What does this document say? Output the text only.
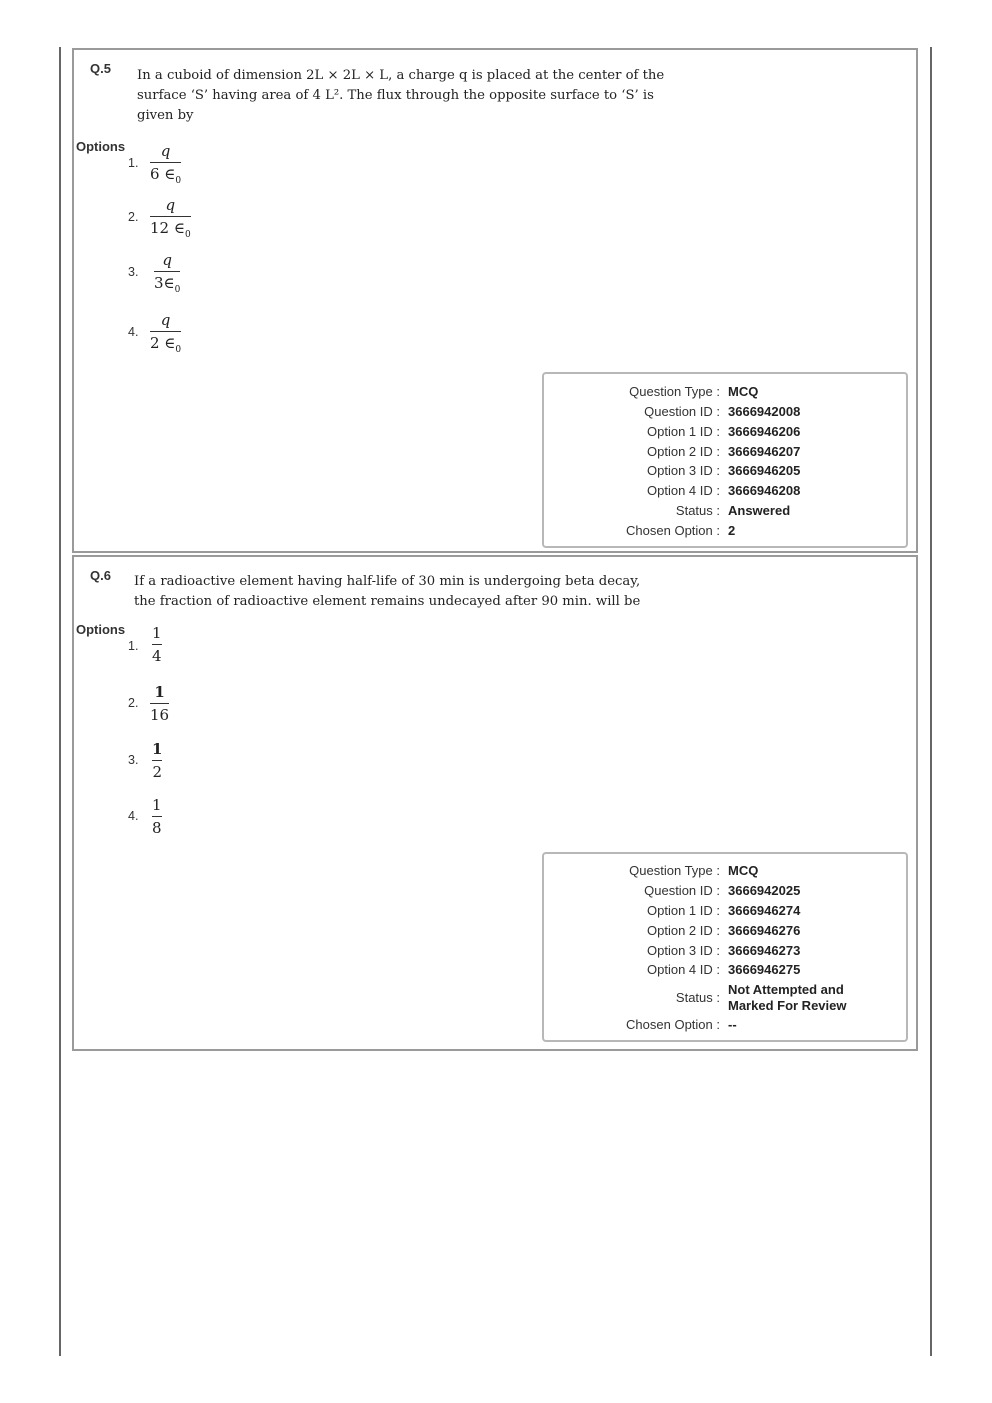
Q.5 In a cuboid of dimension 2L × 2L × L, a charge q is placed at the center of the
surface ‘S’ having area of 4 L². The flux through the opposite surface to ‘S’ is
given by
Options
1.
q
6 $\in_0$
2.
q
12 $\in_0$
3.
q
$3\in_0$
4.
q
2 $\in_0$
Question Type : MCQ
Question ID : 3666942008
Option 1 ID : 3666946206
Option 2 ID : 3666946207
Option 3 ID : 3666946205
Option 4 ID : 3666946208
Status : Answered
Chosen Option : 2
Q.6 If a radioactive element having half-life of 30 min is undergoing beta decay,
the fraction of radioactive element remains undecayed after 90 min. will be
Options
1.
1
4
2.
1
16
3.
1
2
4.
1
8
Question Type : MCQ
Question ID : 3666942025
Option 1 ID : 3666946274
Option 2 ID : 3666946276
Option 3 ID : 3666946273
Option 4 ID : 3666946275
Status :
Not Attempted and Marked For Review
Chosen Option : --
